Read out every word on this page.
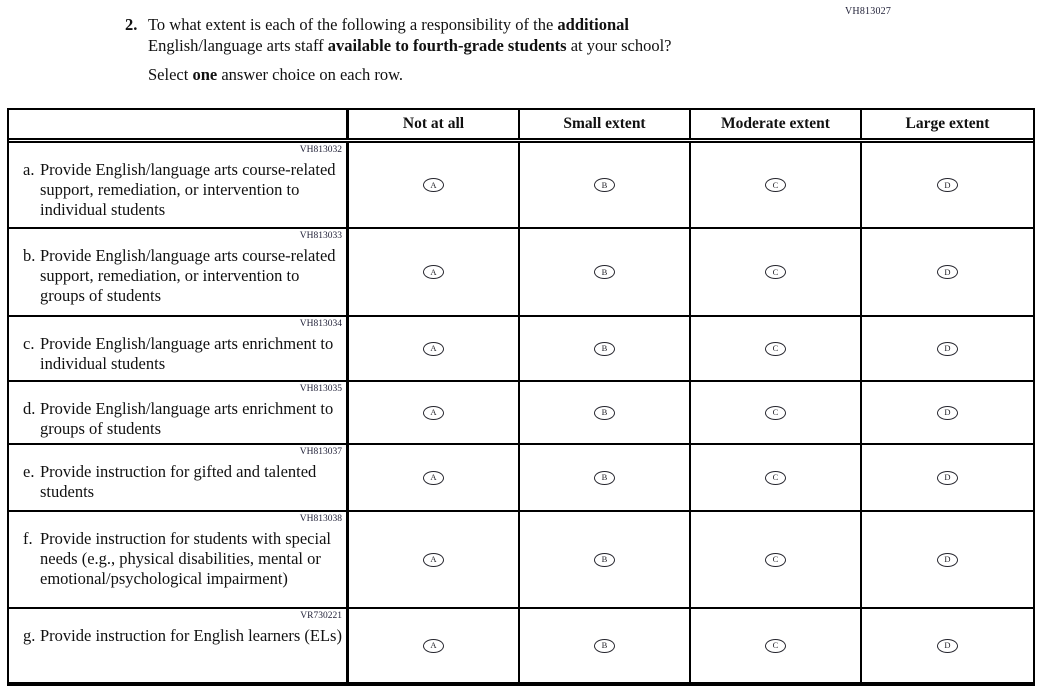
VH813027
2. To what extent is each of the following a responsibility of the additional English/language arts staff available to fourth-grade students at your school?
Select one answer choice on each row.
Not at all	Small extent	Moderate extent	Large extent
VH813032
a. Provide English/language arts course-related support, remediation, or intervention to individual students
A	B	C	D
VH813033
b. Provide English/language arts course-related support, remediation, or intervention to groups of students
A	B	C	D
VH813034
c. Provide English/language arts enrichment to individual students
A	B	C	D
VH813035
d. Provide English/language arts enrichment to groups of students
A	B	C	D
VH813037
e. Provide instruction for gifted and talented students
A	B	C	D
VH813038
f. Provide instruction for students with special needs (e.g., physical disabilities, mental or emotional/psychological impairment)
A	B	C	D
VR730221
g. Provide instruction for English learners (ELs)
A	B	C	D
